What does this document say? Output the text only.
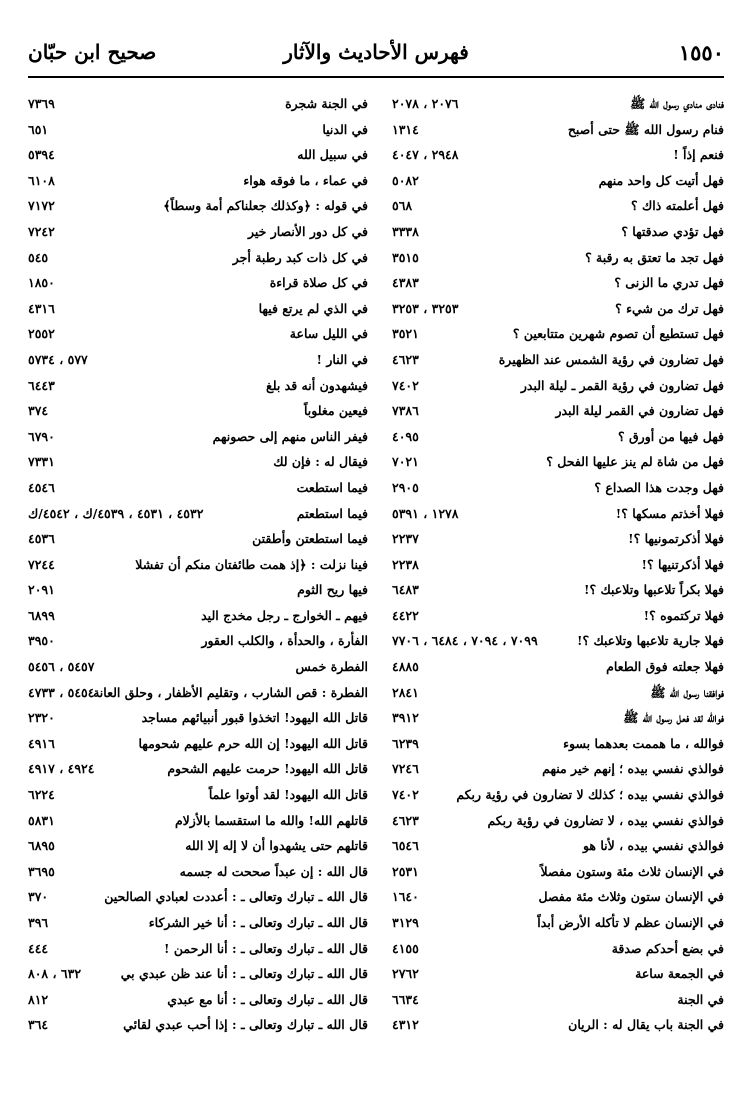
١٥٥٠
فهرس الأحاديث والآثار
صحيح ابن حبّان
فنادى منادي رسول الله ﷺ
٢٠٧٦ ، ٢٠٧٨
فنام رسول الله ﷺ حتى أصبح
١٣١٤
فنعم إذاً !
٢٩٤٨ ، ٤٠٤٧
فهل أتيت كل واحد منهم
٥٠٨٢
فهل أعلمته ذاك ؟
٥٦٨
فهل تؤدي صدقتها ؟
٣٣٣٨
فهل تجد ما تعتق به رقبة ؟
٣٥١٥
فهل تدري ما الزنى ؟
٤٣٨٣
فهل ترك من شيء ؟
٣٢٥٣ ، ٣٢٥٣
فهل تستطيع أن تصوم شهرين متتابعين ؟
٣٥٢١
فهل تضارون في رؤية الشمس عند الظهيرة
٤٦٢٣
فهل تضارون في رؤية القمر ـ ليلة البدر
٧٤٠٢
فهل تضارون في القمر ليلة البدر
٧٣٨٦
فهل فيها من أورق ؟
٤٠٩٥
فهل من شاة لم ينز عليها الفحل ؟
٧٠٢١
فهل وجدت هذا الصداع ؟
٢٩٠٥
فهلا أخذتم مسكها ؟!
١٢٧٨ ، ٥٣٩١
فهلا أذكرتمونيها ؟!
٢٢٣٧
فهلا أذكرتنيها ؟!
٢٢٣٨
فهلا بكراً تلاعبها وتلاعبك ؟!
٦٤٨٣
فهلا تركتموه ؟!
٤٤٢٢
فهلا جارية تلاعبها وتلاعبك ؟!
٧٠٩٩ ، ٧٠٩٤ ، ٦٤٨٤ ، ٧٧٠٦
فهلا جعلته فوق الطعام
٤٨٨٥
فوافقنا رسول الله ﷺ
٢٨٤١
فوالله لقد فعل رسول الله ﷺ
٣٩١٢
فوالله ، ما هممت بعدهما بسوء
٦٢٣٩
فوالذي نفسي بيده ؛ إنهم خير منهم
٧٢٤٦
فوالذي نفسي بيده ؛ كذلك لا تضارون في رؤية ربكم
٧٤٠٢
فوالذي نفسي بيده ، لا تضارون في رؤية ربكم
٤٦٢٣
فوالذي نفسي بيده ، لأنا هو
٦٥٤٦
في الإنسان ثلاث مئة وستون مفصلاً
٢٥٣١
في الإنسان ستون وثلاث مئة مفصل
١٦٤٠
في الإنسان عظم لا تأكله الأرض أبداً
٣١٢٩
في بضع أحدكم صدقة
٤١٥٥
في الجمعة ساعة
٢٧٦٢
في الجنة
٦٦٣٤
في الجنة باب يقال له : الريان
٤٣١٢
في الجنة شجرة
٧٣٦٩
في الدنيا
٦٥١
في سبيل الله
٥٣٩٤
في عماء ، ما فوقه هواء
٦١٠٨
في قوله : ﴿وكذلك جعلناكم أمة وسطاً﴾
٧١٧٢
في كل دور الأنصار خير
٧٢٤٢
في كل ذات كبد رطبة أجر
٥٤٥
في كل صلاة قراءة
١٨٥٠
في الذي لم يرتع فيها
٤٣١٦
في الليل ساعة
٢٥٥٢
في النار !
٥٧٧ ، ٥٧٣٤
فيشهدون أنه قد بلغ
٦٤٤٣
فيعين مغلوباً
٣٧٤
فيفر الناس منهم إلى حصونهم
٦٧٩٠
فيقال له : فإن لك
٧٣٣١
فيما استطعت
٤٥٤٦
فيما استطعتم
٤٥٣٢ ، ٤٥٣١ ، ٤٥٣٩/ك ، ٤٥٤٢/ك
فيما استطعتن وأطقتن
٤٥٣٦
فينا نزلت : ﴿إذ همت طائفتان منكم أن تفشلا
٧٢٤٤
فيها ريح الثوم
٢٠٩١
فيهم ـ الخوارج ـ رجل مخدج اليد
٦٨٩٩
الفأرة ، والحدأة ، والكلب العقور
٣٩٥٠
الفطرة خمس
٥٤٥٧ ، ٥٤٥٦
الفطرة : قص الشارب ، وتقليم الأظفار ، وحلق العانة
٥٤٥٤ ، ٤٧٣٣
قاتل الله اليهود! اتخذوا قبور أنبيائهم مساجد
٢٣٢٠
قاتل الله اليهود! إن الله حرم عليهم شحومها
٤٩١٦
قاتل الله اليهود! حرمت عليهم الشحوم
٤٩٢٤ ، ٤٩١٧
قاتل الله اليهود! لقد أوتوا علماً
٦٢٢٤
قاتلهم الله! والله ما استقسما بالأزلام
٥٨٣١
قاتلهم حتى يشهدوا أن لا إله إلا الله
٦٨٩٥
قال الله : إن عبداً صححت له جسمه
٣٦٩٥
قال الله ـ تبارك وتعالى ـ : أعددت لعبادي الصالحين
٣٧٠
قال الله ـ تبارك وتعالى ـ : أنا خير الشركاء
٣٩٦
قال الله ـ تبارك وتعالى ـ : أنا الرحمن !
٤٤٤
قال الله ـ تبارك وتعالى ـ : أنا عند ظن عبدي بي
٦٣٢ ، ٨٠٨
قال الله ـ تبارك وتعالى ـ : أنا مع عبدي
٨١٢
قال الله ـ تبارك وتعالى ـ : إذا أحب عبدي لقائي
٣٦٤
